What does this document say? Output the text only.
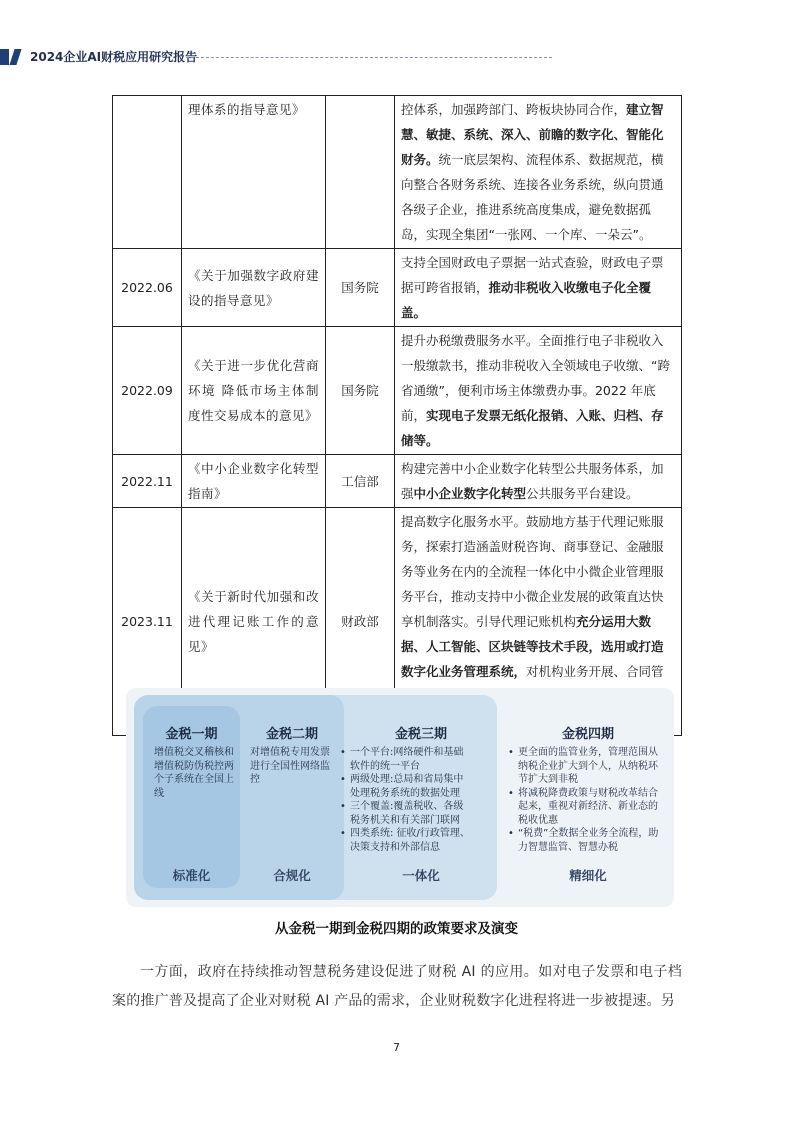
2024企业AI财税应用研究报告
	理体系的指导意见》		控体系，加强跨部门、跨板块协同合作，建立智慧、敏捷、系统、深入、前瞻的数字化、智能化财务。统一底层架构、流程体系、数据规范，横向整合各财务系统、连接各业务系统，纵向贯通各级子企业，推进系统高度集成，避免数据孤岛，实现全集团“一张网、一个库、一朵云”。
2022.06	《关于加强数字政府建设的指导意见》	国务院	支持全国财政电子票据一站式查验，财政电子票据可跨省报销，推动非税收入收缴电子化全覆盖。
2022.09	《关于进一步优化营商环境 降低市场主体制度性交易成本的意见》	国务院	提升办税缴费服务水平。全面推行电子非税收入一般缴款书，推动非税收入全领域电子收缴、“跨省通缴”，便利市场主体缴费办事。2022 年底前，实现电子发票无纸化报销、入账、归档、存储等。
2022.11	《中小企业数字化转型指南》	工信部	构建完善中小企业数字化转型公共服务体系，加强中小企业数字化转型公共服务平台建设。
2023.11	《关于新时代加强和改进代理记账工作的意见》	财政部	提高数字化服务水平。鼓励地方基于代理记账服务，探索打造涵盖财税咨询、商事登记、金融服务等业务在内的全流程一体化中小微企业管理服务平台，推动支持中小微企业发展的政策直达快享机制落实。引导代理记账机构充分运用大数据、人工智能、区块链等技术手段，选用或打造数字化业务管理系统，对机构业务开展、合同管
金税一期
增值税交叉稽核和增值税防伪税控两个子系统在全国上线
标准化
金税二期
对增值税专用发票进行全国性网络监控
合规化
金税三期
• 一个平台:网络硬件和基础软件的统一平台
• 两级处理:总局和省局集中处理税务系统的数据处理
• 三个覆盖:覆盖税收、各级税务机关和有关部门联网
• 四类系统: 征收/行政管理、决策支持和外部信息
一体化
金税四期
• 更全面的监管业务，管理范围从纳税企业扩大到个人，从纳税环节扩大到非税
• 将减税降费政策与财税改革结合起来，重视对新经济、新业态的税收优惠
• “税费”全数据全业务全流程，助力智慧监管、智慧办税
精细化
从金税一期到金税四期的政策要求及演变
一方面，政府在持续推动智慧税务建设促进了财税 AI 的应用。如对电子发票和电子档案的推广普及提高了企业对财税 AI 产品的需求，企业财税数字化进程将进一步被提速。另
7
